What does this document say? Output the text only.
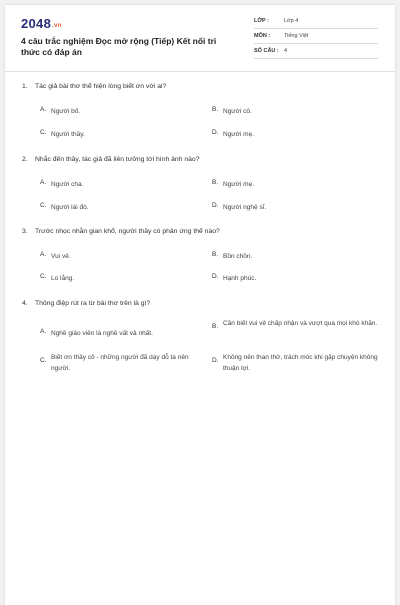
2048.vn
4 câu trắc nghiệm Đọc mở rộng (Tiếp) Kết nối tri thức có đáp án
LỚP :	Lớp 4
MÔN :	Tiếng Việt
SỐ CÂU : 4
1. Tác giả bài thơ thể hiện lòng biết ơn với ai?
A. Người bố.	B. Người cô.
C. Người thầy.	D. Người mẹ.
2. Nhắc đến thầy, tác giả đã liên tưởng tới hình ảnh nào?
A. Người cha.	B. Người mẹ.
C. Người lái đò.	D. Người nghệ sĩ.
3. Trước nhọc nhằn gian khổ, người thầy có phản ứng thế nào?
A. Vui vẻ.	B. Bồn chồn.
C. Lo lắng.	D. Hạnh phúc.
4. Thông điệp rút ra từ bài thơ trên là gì?
A. Nghề giáo viên là nghề vất vả nhất.
B. Cần biết vui vẻ chấp nhận và vượt qua mọi khó khăn.
C. Biết ơn thầy cô - những người đã dạy dỗ ta nên người.
D. Không nên than thở, trách móc khi gặp chuyện không thuận lợi.
